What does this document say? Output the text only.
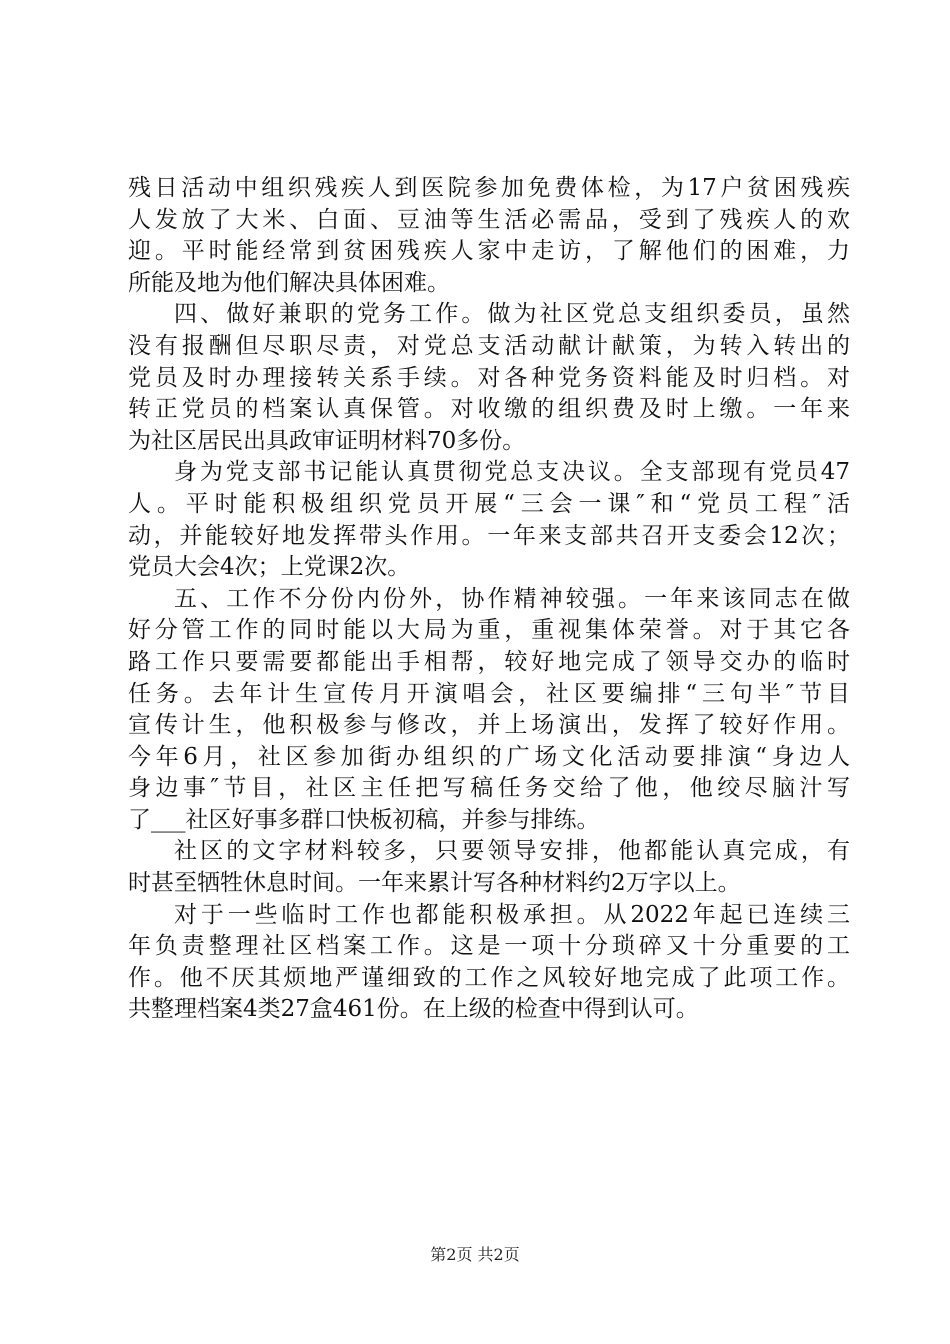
残日活动中组织残疾人到医院参加免费体检，为17户贫困残疾
人发放了大米、白面、豆油等生活必需品，受到了残疾人的欢
迎。平时能经常到贫困残疾人家中走访，了解他们的困难，力
所能及地为他们解决具体困难。
四、做好兼职的党务工作。做为社区党总支组织委员，虽然
没有报酬但尽职尽责，对党总支活动献计献策，为转入转出的
党员及时办理接转关系手续。对各种党务资料能及时归档。对
转正党员的档案认真保管。对收缴的组织费及时上缴。一年来
为社区居民出具政审证明材料70多份。
身为党支部书记能认真贯彻党总支决议。全支部现有党员47
人。平时能积极组织党员开展“三会一课″和“党员工程″活
动，并能较好地发挥带头作用。一年来支部共召开支委会12次；
党员大会4次；上党课2次。
五、工作不分份内份外，协作精神较强。一年来该同志在做
好分管工作的同时能以大局为重，重视集体荣誉。对于其它各
路工作只要需要都能出手相帮，较好地完成了领导交办的临时
任务。去年计生宣传月开演唱会，社区要编排“三句半″节目
宣传计生，他积极参与修改，并上场演出，发挥了较好作用。
今年6月，社区参加街办组织的广场文化活动要排演“身边人
身边事″节目，社区主任把写稿任务交给了他，他绞尽脑汁写
了___社区好事多群口快板初稿，并参与排练。
社区的文字材料较多，只要领导安排，他都能认真完成，有
时甚至牺牲休息时间。一年来累计写各种材料约2万字以上。
对于一些临时工作也都能积极承担。从2022年起已连续三
年负责整理社区档案工作。这是一项十分琐碎又十分重要的工
作。他不厌其烦地严谨细致的工作之风较好地完成了此项工作。
共整理档案4类27盒461份。在上级的检查中得到认可。
第2页 共2页
